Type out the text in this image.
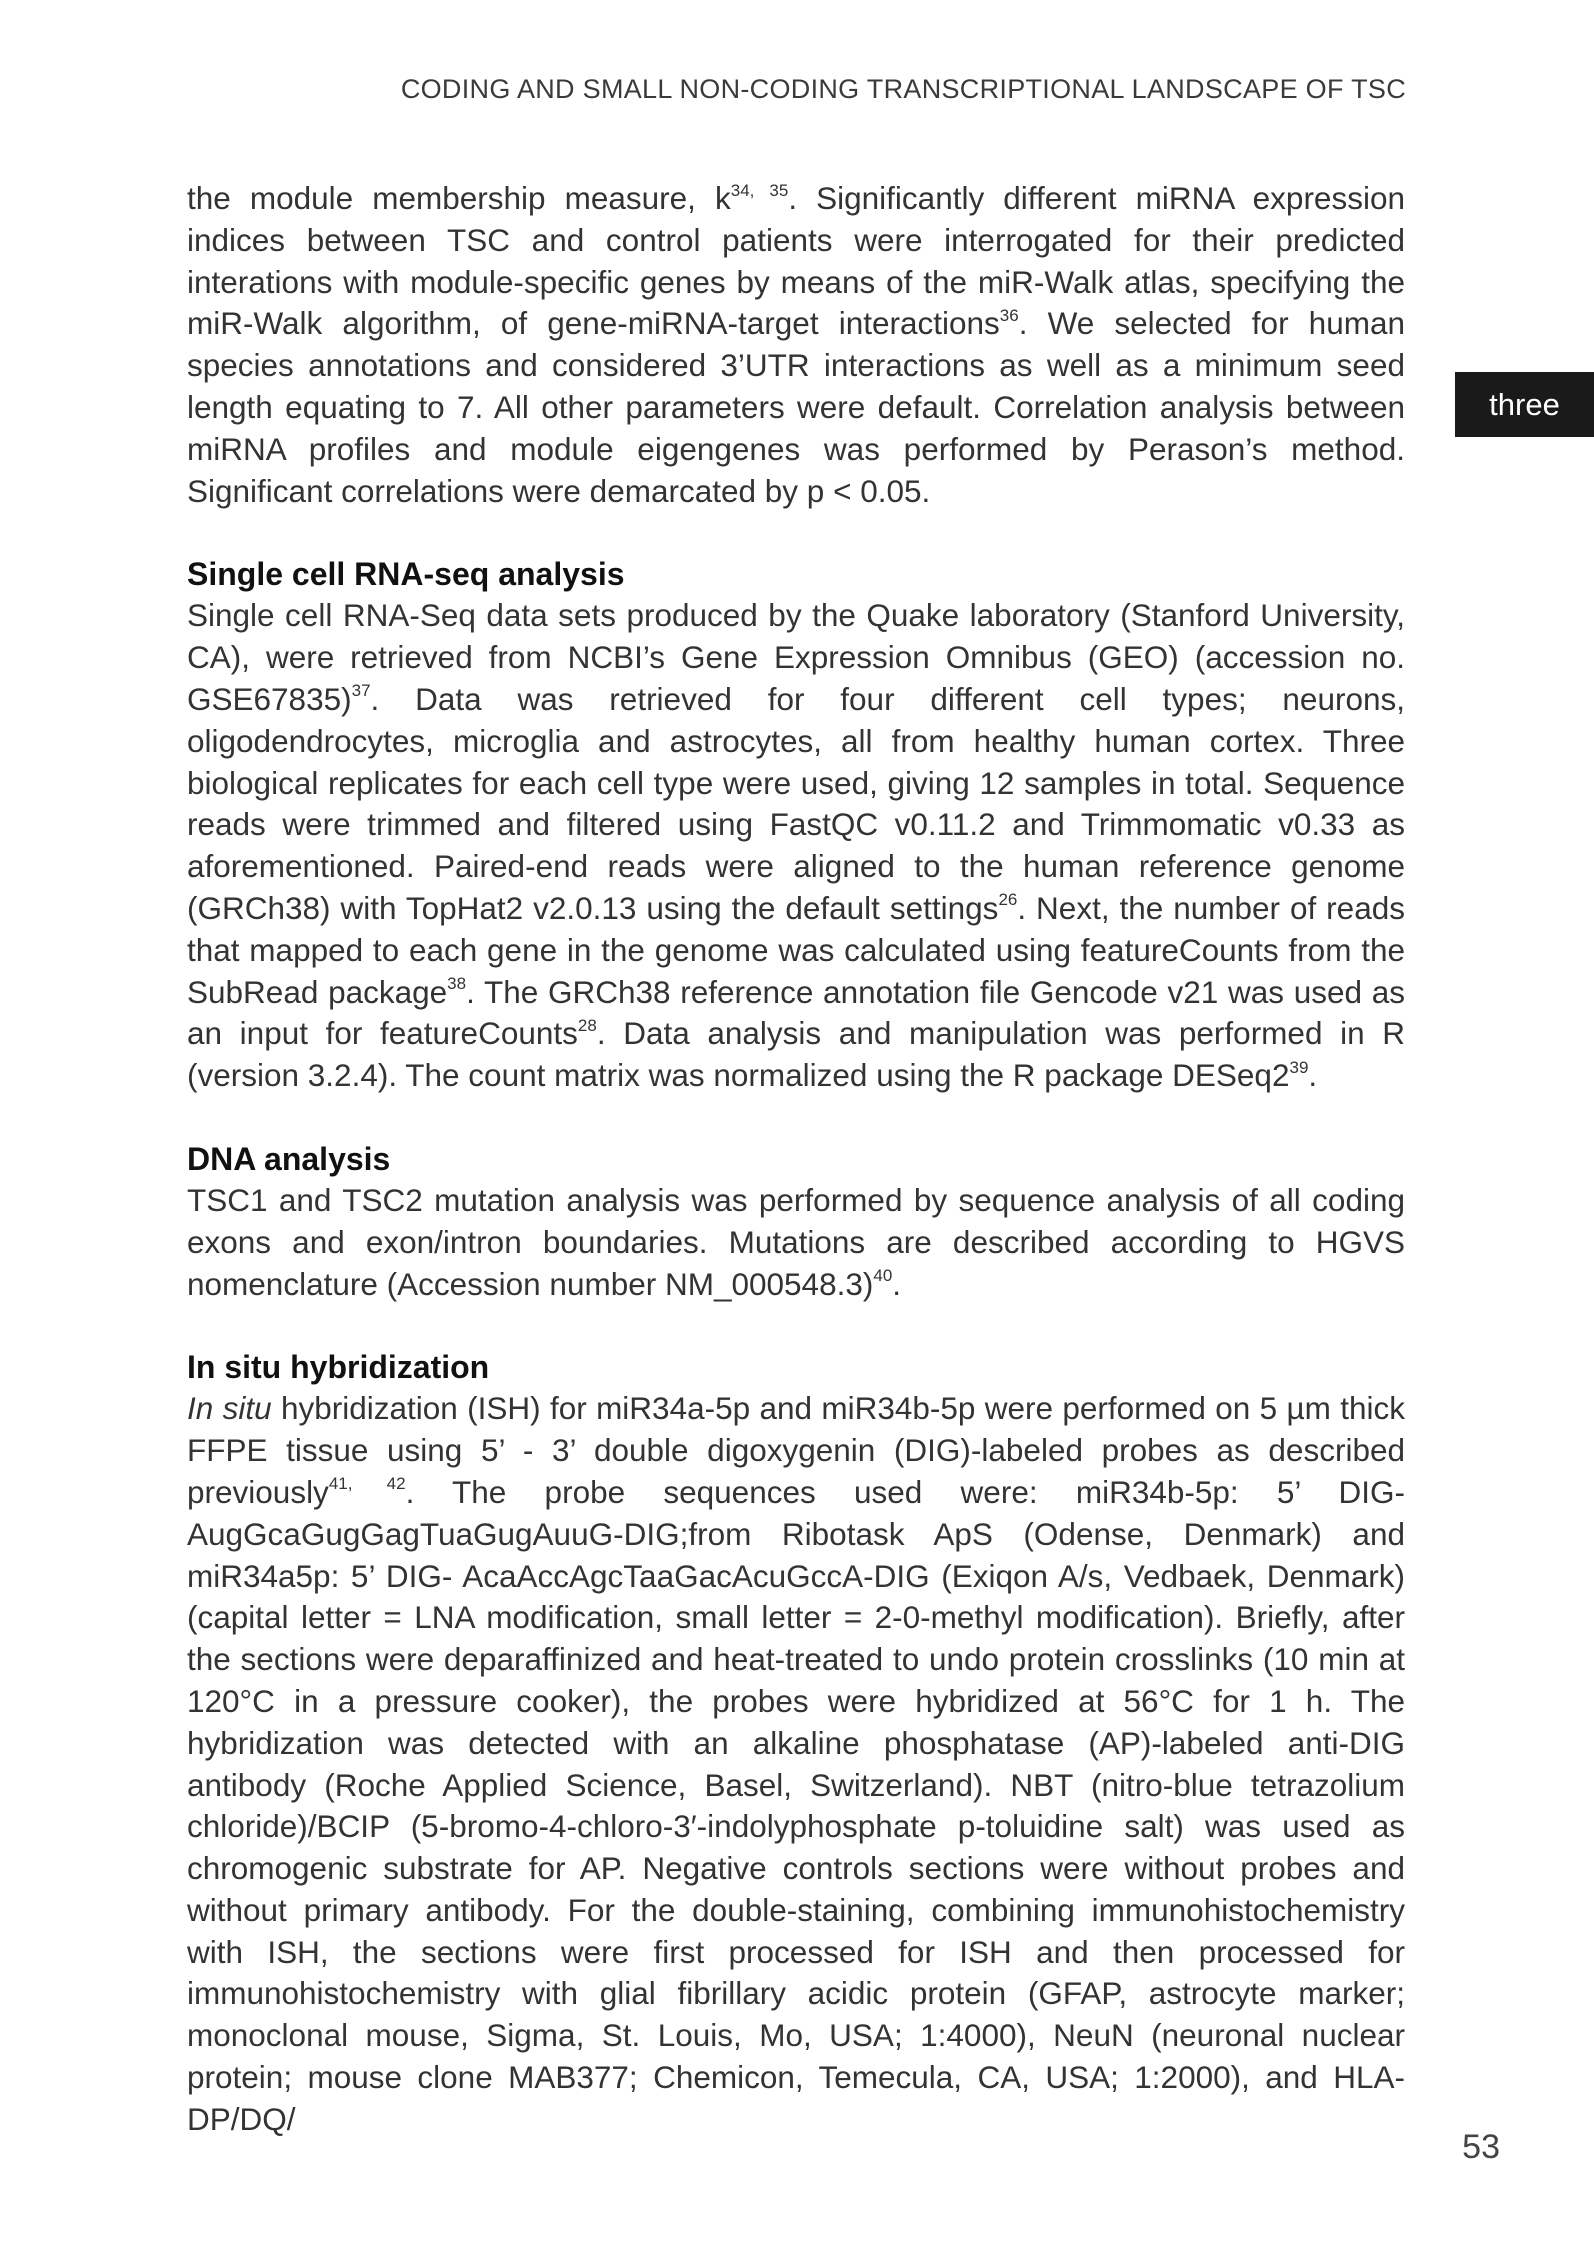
CODING AND SMALL NON-CODING TRANSCRIPTIONAL LANDSCAPE OF TSC
three

the module membership measure, $k^{34, 35}$. Significantly different miRNA expression indices between TSC and control patients were interrogated for their predicted interations with module-specific genes by means of the miR-Walk atlas, specifying the miR-Walk algorithm, of gene-miRNA-target interactions$^{36}$. We selected for human species annotations and considered 3’UTR interactions as well as a minimum seed length equating to 7. All other parameters were default. Correlation analysis between miRNA profiles and module eigengenes was performed by Perason’s method. Significant correlations were demarcated by p < 0.05.

Single cell RNA-seq analysis

Single cell RNA-Seq data sets produced by the Quake laboratory (Stanford University, CA), were retrieved from NCBI’s Gene Expression Omnibus (GEO) (accession no. GSE67835)$^{37}$. Data was retrieved for four different cell types; neurons, oligodendrocytes, microglia and astrocytes, all from healthy human cortex. Three biological replicates for each cell type were used, giving 12 samples in total. Sequence reads were trimmed and filtered using FastQC v0.11.2 and Trimmomatic v0.33 as aforementioned. Paired-end reads were aligned to the human reference genome (GRCh38) with TopHat2 v2.0.13 using the default settings$^{26}$. Next, the number of reads that mapped to each gene in the genome was calculated using featureCounts from the SubRead package$^{38}$. The GRCh38 reference annotation file Gencode v21 was used as an input for featureCounts$^{28}$. Data analysis and manipulation was performed in R (version 3.2.4). The count matrix was normalized using the R package $DESeq2^{39}$.

DNA analysis

TSC1 and TSC2 mutation analysis was performed by sequence analysis of all coding exons and exon/intron boundaries. Mutations are described according to HGVS nomenclature (Accession number NM_000548.3)$^{40}$.

In situ hybridization

In situ hybridization (ISH) for miR34a-5p and miR34b-5p were performed on 5 µm thick FFPE tissue using 5’ - 3’ double digoxygenin (DIG)-labeled probes as described previously$^{41, 42}$. The probe sequences used were: miR34b-5p: 5’ DIG-AugGcaGugGagTuaGugAuuG-DIG;from Ribotask ApS (Odense, Denmark) and miR34a5p: 5’ DIG- AcaAccAgcTaaGacAcuGccA-DIG (Exiqon A/s, Vedbaek, Denmark) (capital letter = LNA modification, small letter = 2-0-methyl modification). Briefly, after the sections were deparaffinized and heat-treated to undo protein crosslinks (10 min at 120°C in a pressure cooker), the probes were hybridized at 56°C for 1 h. The hybridization was detected with an alkaline phosphatase (AP)-labeled anti-DIG antibody (Roche Applied Science, Basel, Switzerland). NBT (nitro-blue tetrazolium chloride)/BCIP (5-bromo-4-chloro-3′-indolyphosphate p-toluidine salt) was used as chromogenic substrate for AP. Negative controls sections were without probes and without primary antibody. For the double-staining, combining immunohistochemistry with ISH, the sections were first processed for ISH and then processed for immunohistochemistry with glial fibrillary acidic protein (GFAP, astrocyte marker; monoclonal mouse, Sigma, St. Louis, Mo, USA; 1:4000), NeuN (neuronal nuclear protein; mouse clone MAB377; Chemicon, Temecula, CA, USA; 1:2000), and HLA-DP/DQ/

53
